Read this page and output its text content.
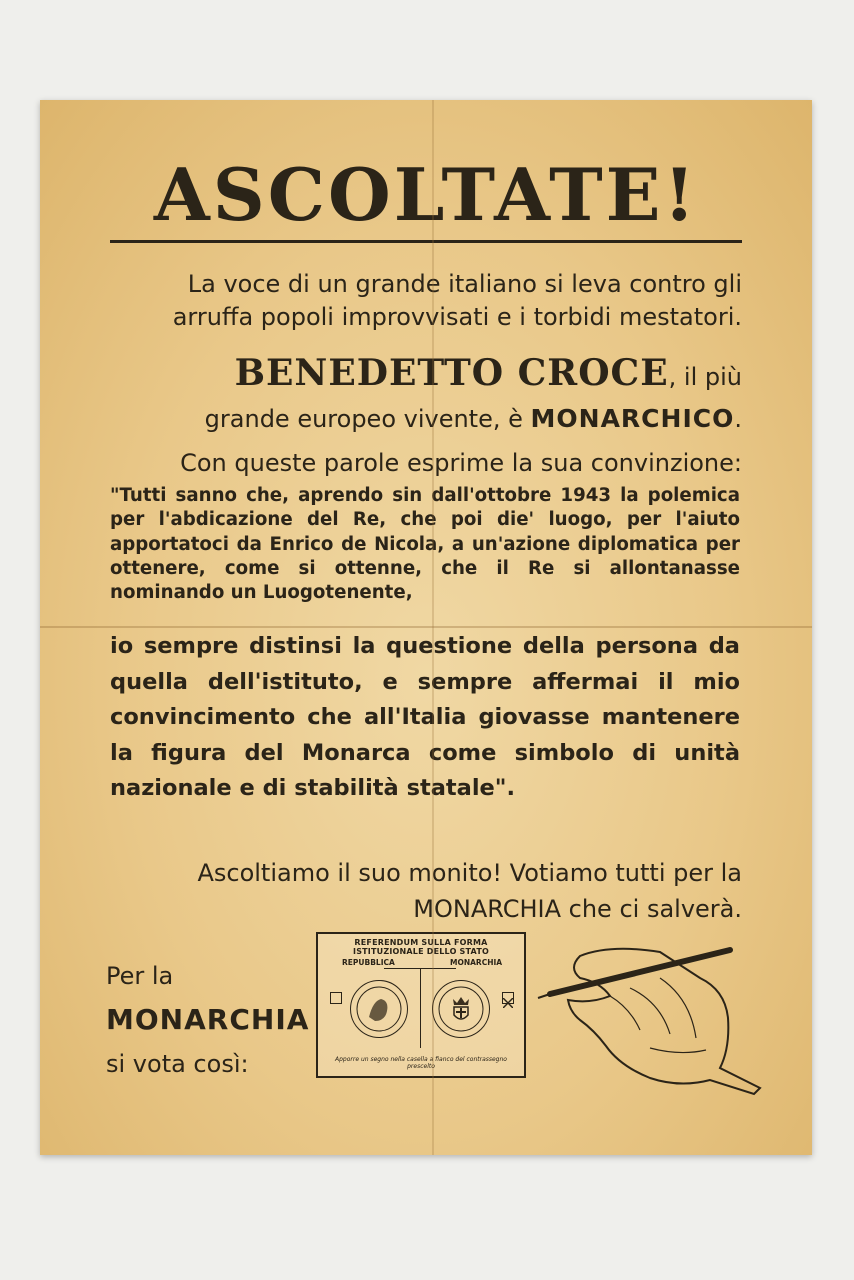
ASCOLTATE!
La voce di un grande italiano si leva contro gli
arruffa popoli improvvisati e i torbidi mestatori.
BENEDETTO CROCE, il più
grande europeo vivente, è MONARCHICO.
Con queste parole esprime la sua convinzione:
"Tutti sanno che, aprendo sin dall'ottobre 1943 la polemica per l'abdicazione del Re, che poi die' luogo, per l'aiuto apportatoci da Enrico de Nicola, a un'azione diplomatica per ottenere, come si ottenne, che il Re si allontanasse nominando un Luogotenente,
io sempre distinsi la questione della persona da quella dell'istituto, e sempre affermai il mio convincimento che all'Italia giovasse mantenere la figura del Monarca come simbolo di unità nazionale e di stabilità statale".
Ascoltiamo il suo monito! Votiamo tutti per la
MONARCHIA che ci salverà.
Per la
MONARCHIA
si vota così:
REFERENDUM SULLA FORMA ISTITUZIONALE DELLO STATO
REPUBBLICA	MONARCHIA
Apporre un segno nella casella a fianco del contrassegno prescelto
